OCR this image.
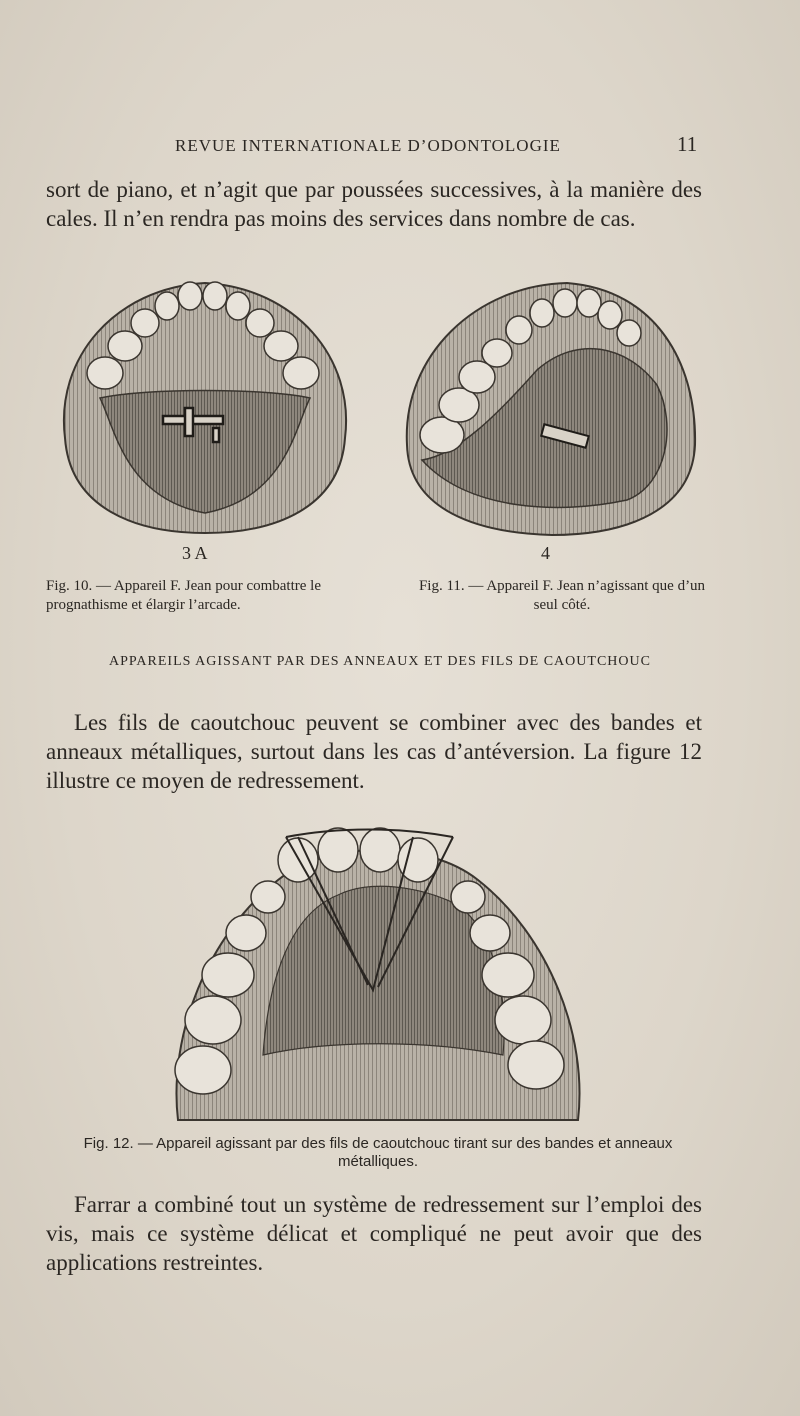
REVUE INTERNATIONALE D’ODONTOLOGIE	11
sort de piano, et n’agit que par poussées successives, à la manière des cales. Il n’en rendra pas moins des services dans nombre de cas.
3 A	4
Fig. 10. — Appareil F. Jean pour combattre le prognathisme et élargir l’arcade.
Fig. 11. — Appareil F. Jean n’agissant que d’un seul côté.
APPAREILS AGISSANT PAR DES ANNEAUX ET DES FILS DE CAOUTCHOUC
Les fils de caoutchouc peuvent se combiner avec des bandes et anneaux métalliques, surtout dans les cas d’antéversion. La figure 12 illustre ce moyen de redressement.
Fig. 12. — Appareil agissant par des fils de caoutchouc tirant sur des bandes et anneaux métalliques.
Farrar a combiné tout un système de redressement sur l’emploi des vis, mais ce système délicat et compliqué ne peut avoir que des applications restreintes.
